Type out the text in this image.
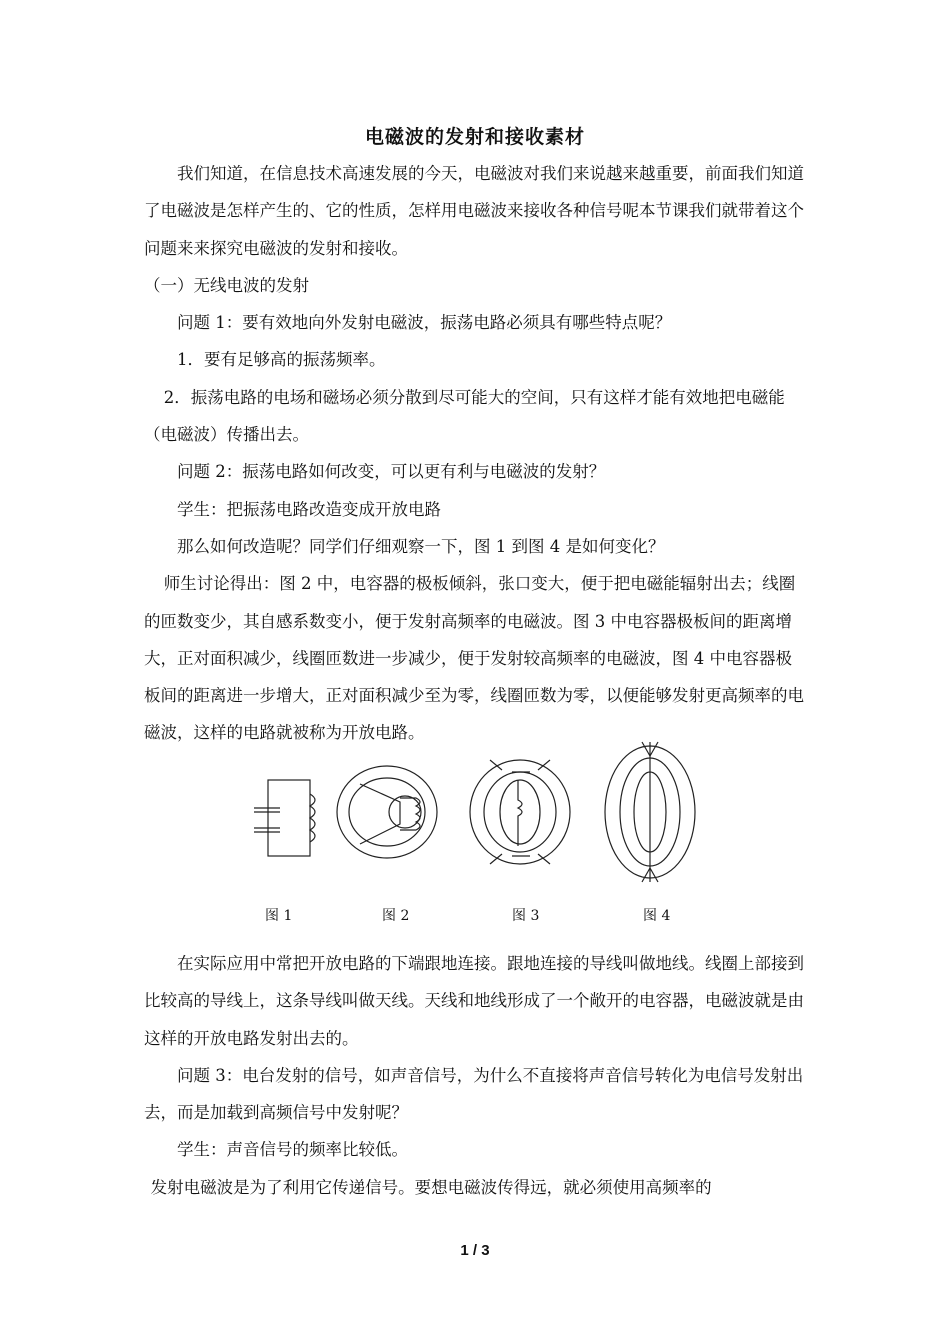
电磁波的发射和接收素材

我们知道，在信息技术高速发展的今天，电磁波对我们来说越来越重要，前面我们知道了电磁波是怎样产生的、它的性质，怎样用电磁波来接收各种信号呢本节课我们就带着这个问题来来探究电磁波的发射和接收。

（一）无线电波的发射

问题 1：要有效地向外发射电磁波，振荡电路必须具有哪些特点呢？

1．要有足够高的振荡频率。

2．振荡电路的电场和磁场必须分散到尽可能大的空间，只有这样才能有效地把电磁能（电磁波）传播出去。

问题 2：振荡电路如何改变，可以更有利与电磁波的发射？

学生：把振荡电路改造变成开放电路

那么如何改造呢？同学们仔细观察一下，图 1 到图 4 是如何变化？

师生讨论得出：图 2 中，电容器的极板倾斜，张口变大，便于把电磁能辐射出去；线圈的匝数变少，其自感系数变小，便于发射高频率的电磁波。图 3 中电容器极板间的距离增大，正对面积减少，线圈匝数进一步减少，便于发射较高频率的电磁波，图 4 中电容器极板间的距离进一步增大，正对面积减少至为零，线圈匝数为零，以便能够发射更高频率的电磁波，这样的电路就被称为开放电路。

图 1	图 2	图 3	图 4

在实际应用中常把开放电路的下端跟地连接。跟地连接的导线叫做地线。线圈上部接到比较高的导线上，这条导线叫做天线。天线和地线形成了一个敞开的电容器，电磁波就是由这样的开放电路发射出去的。

问题 3：电台发射的信号，如声音信号，为什么不直接将声音信号转化为电信号发射出去，而是加载到高频信号中发射呢？

学生：声音信号的频率比较低。

发射电磁波是为了利用它传递信号。要想电磁波传得远，就必须使用高频率的

1 / 3
